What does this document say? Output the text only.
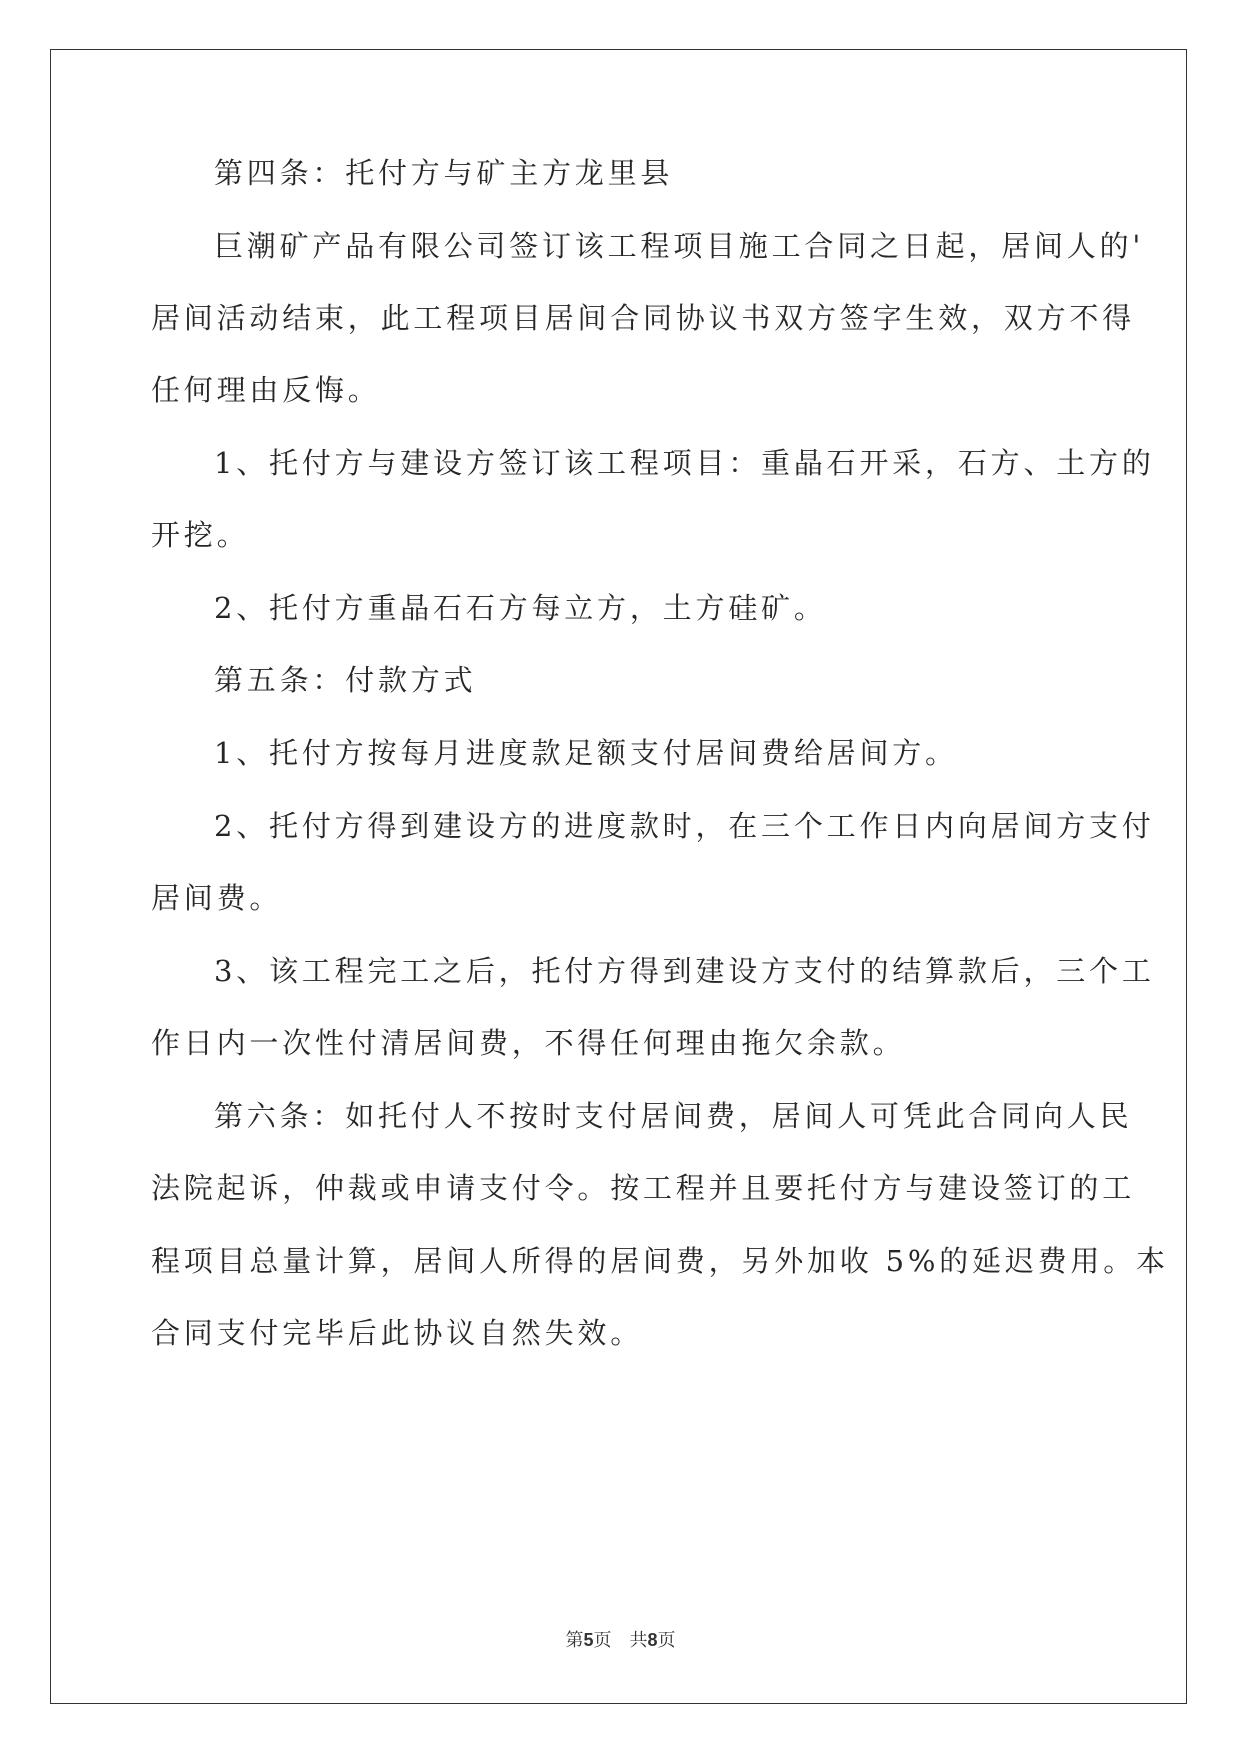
第四条：托付方与矿主方龙里县
巨潮矿产品有限公司签订该工程项目施工合同之日起，居间人的'
居间活动结束，此工程项目居间合同协议书双方签字生效，双方不得
任何理由反悔。
1、托付方与建设方签订该工程项目：重晶石开采，石方、土方的
开挖。
2、托付方重晶石石方每立方，土方硅矿。
第五条：付款方式
1、托付方按每月进度款足额支付居间费给居间方。
2、托付方得到建设方的进度款时，在三个工作日内向居间方支付
居间费。
3、该工程完工之后，托付方得到建设方支付的结算款后，三个工
作日内一次性付清居间费，不得任何理由拖欠余款。
第六条：如托付人不按时支付居间费，居间人可凭此合同向人民
法院起诉，仲裁或申请支付令。按工程并且要托付方与建设签订的工
程项目总量计算，居间人所得的居间费，另外加收 5%的延迟费用。本
合同支付完毕后此协议自然失效。
第5页　共8页
